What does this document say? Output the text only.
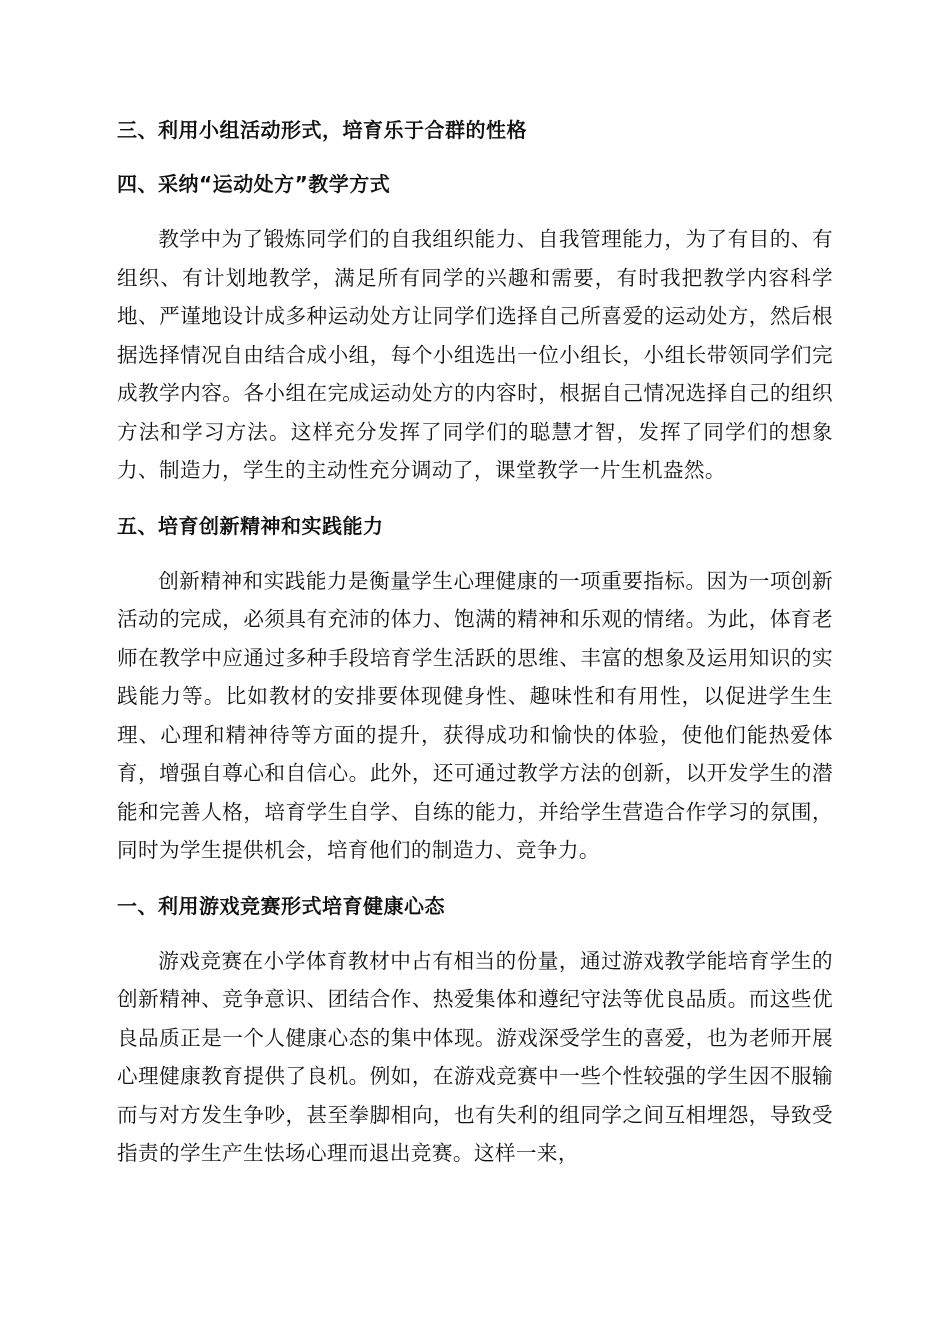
三、利用小组活动形式，培育乐于合群的性格
四、采纳“运动处方”教学方式

教学中为了锻炼同学们的自我组织能力、自我管理能力，为了有目的、有组织、有计划地教学，满足所有同学的兴趣和需要，有时我把教学内容科学地、严谨地设计成多种运动处方让同学们选择自己所喜爱的运动处方，然后根据选择情况自由结合成小组，每个小组选出一位小组长，小组长带领同学们完成教学内容。各小组在完成运动处方的内容时，根据自己情况选择自己的组织方法和学习方法。这样充分发挥了同学们的聪慧才智，发挥了同学们的想象力、制造力，学生的主动性充分调动了，课堂教学一片生机盎然。

五、培育创新精神和实践能力

创新精神和实践能力是衡量学生心理健康的一项重要指标。因为一项创新活动的完成，必须具有充沛的体力、饱满的精神和乐观的情绪。为此，体育老师在教学中应通过多种手段培育学生活跃的思维、丰富的想象及运用知识的实践能力等。比如教材的安排要体现健身性、趣味性和有用性，以促进学生生理、心理和精神待等方面的提升，获得成功和愉快的体验，使他们能热爱体育，增强自尊心和自信心。此外，还可通过教学方法的创新，以开发学生的潜能和完善人格，培育学生自学、自练的能力，并给学生营造合作学习的氛围，同时为学生提供机会，培育他们的制造力、竞争力。

一、利用游戏竞赛形式培育健康心态

游戏竞赛在小学体育教材中占有相当的份量，通过游戏教学能培育学生的创新精神、竞争意识、团结合作、热爱集体和遵纪守法等优良品质。而这些优良品质正是一个人健康心态的集中体现。游戏深受学生的喜爱，也为老师开展心理健康教育提供了良机。例如，在游戏竞赛中一些个性较强的学生因不服输而与对方发生争吵，甚至拳脚相向，也有失利的组同学之间互相埋怨，导致受指责的学生产生怯场心理而退出竞赛。这样一来，
